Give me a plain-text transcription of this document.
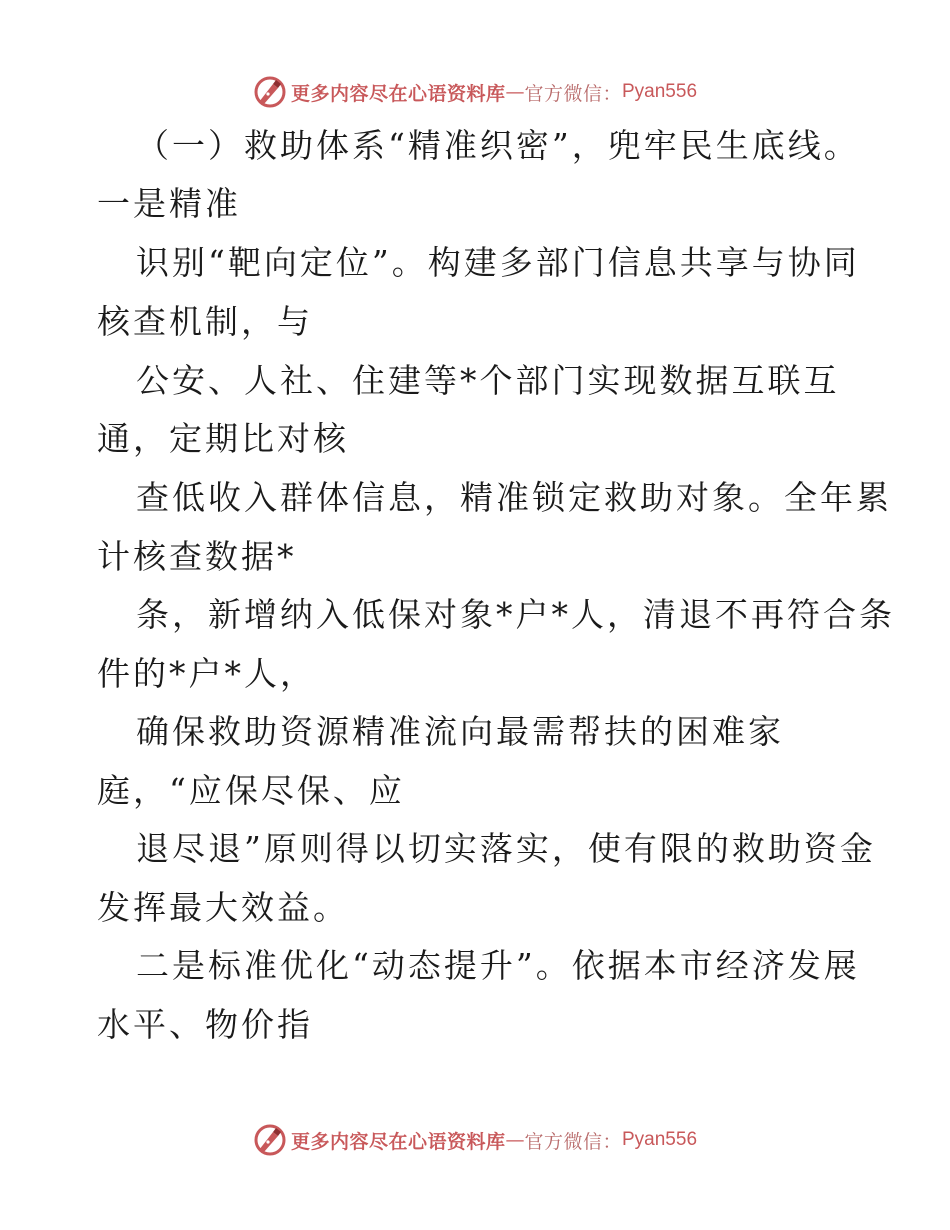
更多内容尽在心语资料库 — 官方微信： Pyan556
（一）救助体系“精准织密”，兜牢民生底线。
一是精准
识别“靶向定位”。构建多部门信息共享与协同
核查机制，与
公安、人社、住建等*个部门实现数据互联互
通，定期比对核
查低收入群体信息，精准锁定救助对象。全年累
计核查数据*
条，新增纳入低保对象*户*人，清退不再符合条
件的*户*人，
确保救助资源精准流向最需帮扶的困难家
庭，“应保尽保、应
退尽退”原则得以切实落实，使有限的救助资金
发挥最大效益。
二是标准优化“动态提升”。依据本市经济发展
水平、物价指
更多内容尽在心语资料库 — 官方微信： Pyan556
